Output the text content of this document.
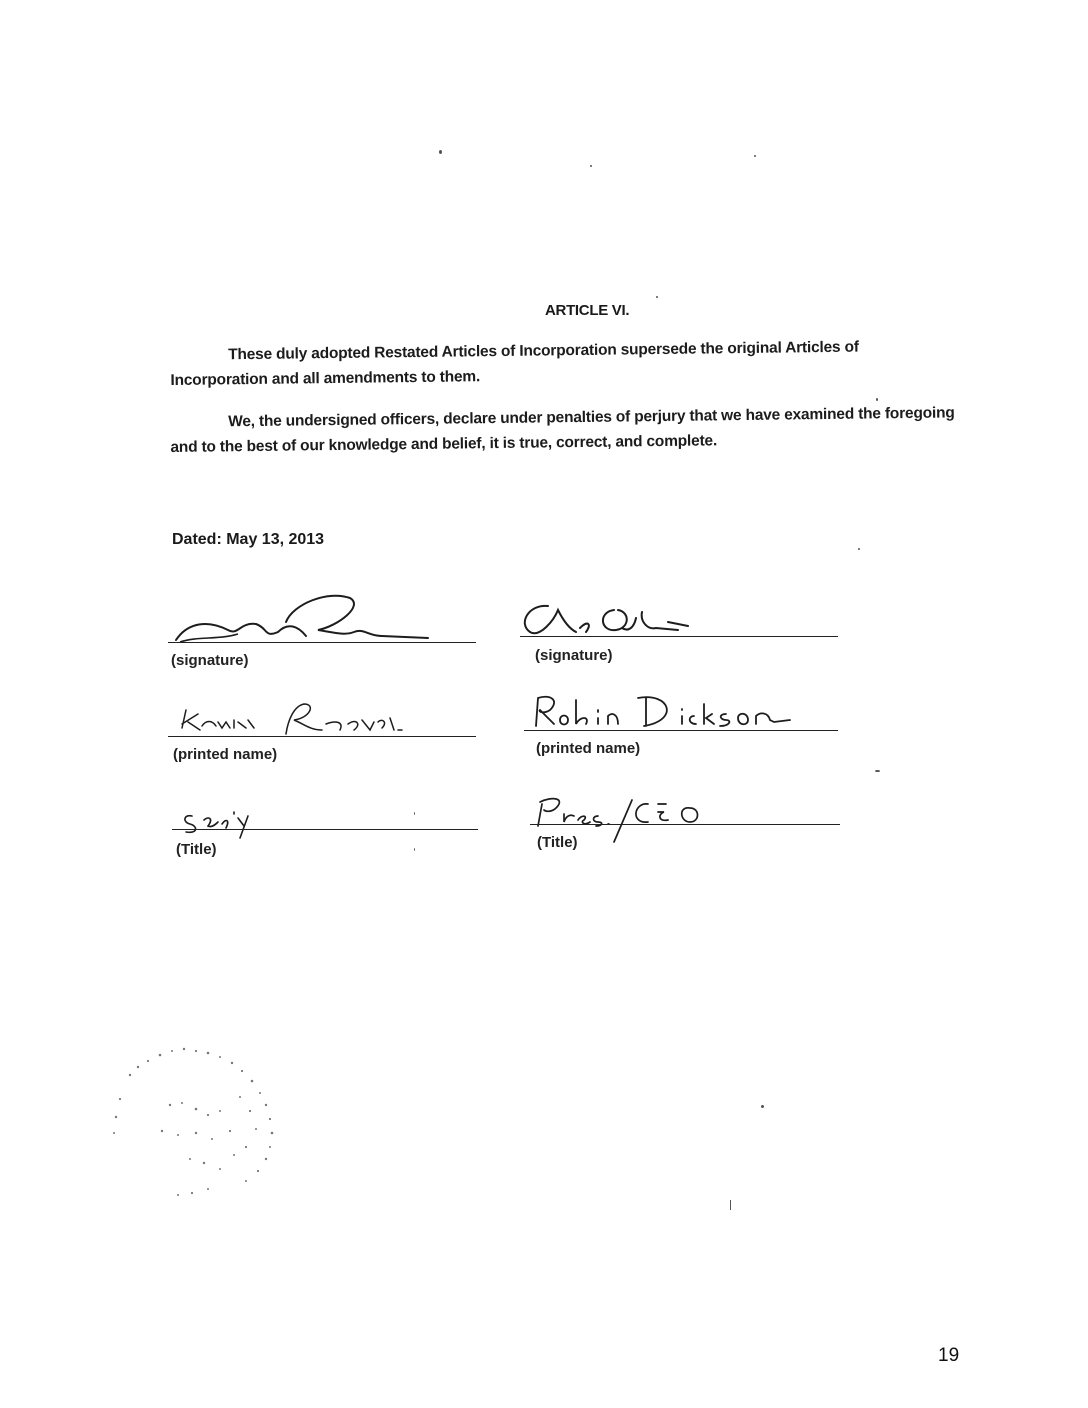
ARTICLE VI.
These duly adopted Restated Articles of Incorporation supersede the original Articles of Incorporation and all amendments to them.
We, the undersigned officers, declare under penalties of perjury that we have examined the foregoing and to the best of our knowledge and belief, it is true, correct, and complete.
Dated: May 13, 2013
(signature)
(printed name)
(Title)
(signature)
(printed name)
(Title)
19
